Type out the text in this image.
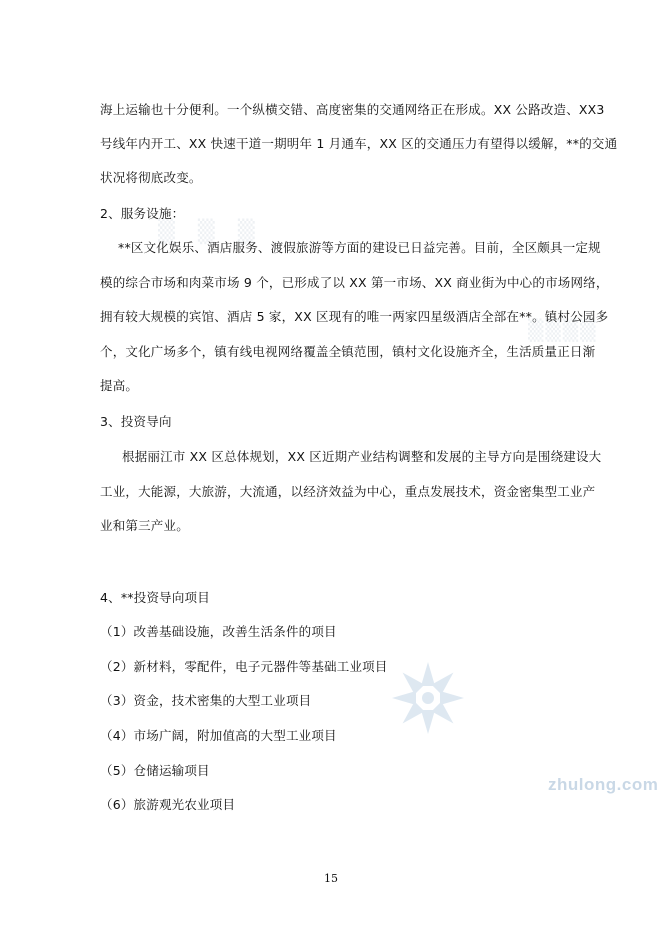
▒ ▒ ▒
▒▒▒▒
海上运输也十分便利。一个纵横交错、高度密集的交通网络正在形成。XX 公路改造、XX3
号线年内开工、XX 快速干道一期明年 1 月通车，XX 区的交通压力有望得以缓解，**的交通
状况将彻底改变。
2、服务设施：
**区文化娱乐、酒店服务、渡假旅游等方面的建设已日益完善。目前，全区颇具一定规
模的综合市场和肉菜市场 9 个，已形成了以 XX 第一市场、XX 商业街为中心的市场网络，
拥有较大规模的宾馆、酒店 5 家，XX 区现有的唯一两家四星级酒店全部在**。镇村公园多
个，文化广场多个，镇有线电视网络覆盖全镇范围，镇村文化设施齐全，生活质量正日渐
提高。
3、投资导向
根据丽江市 XX 区总体规划，XX 区近期产业结构调整和发展的主导方向是围绕建设大
工业，大能源，大旅游，大流通，以经济效益为中心，重点发展技术，资金密集型工业产
业和第三产业。
4、**投资导向项目
（1）改善基础设施，改善生活条件的项目
（2）新材料，零配件，电子元器件等基础工业项目
（3）资金，技术密集的大型工业项目
（4）市场广阔，附加值高的大型工业项目
（5）仓储运输项目
（6）旅游观光农业项目
zhulong.com
15
